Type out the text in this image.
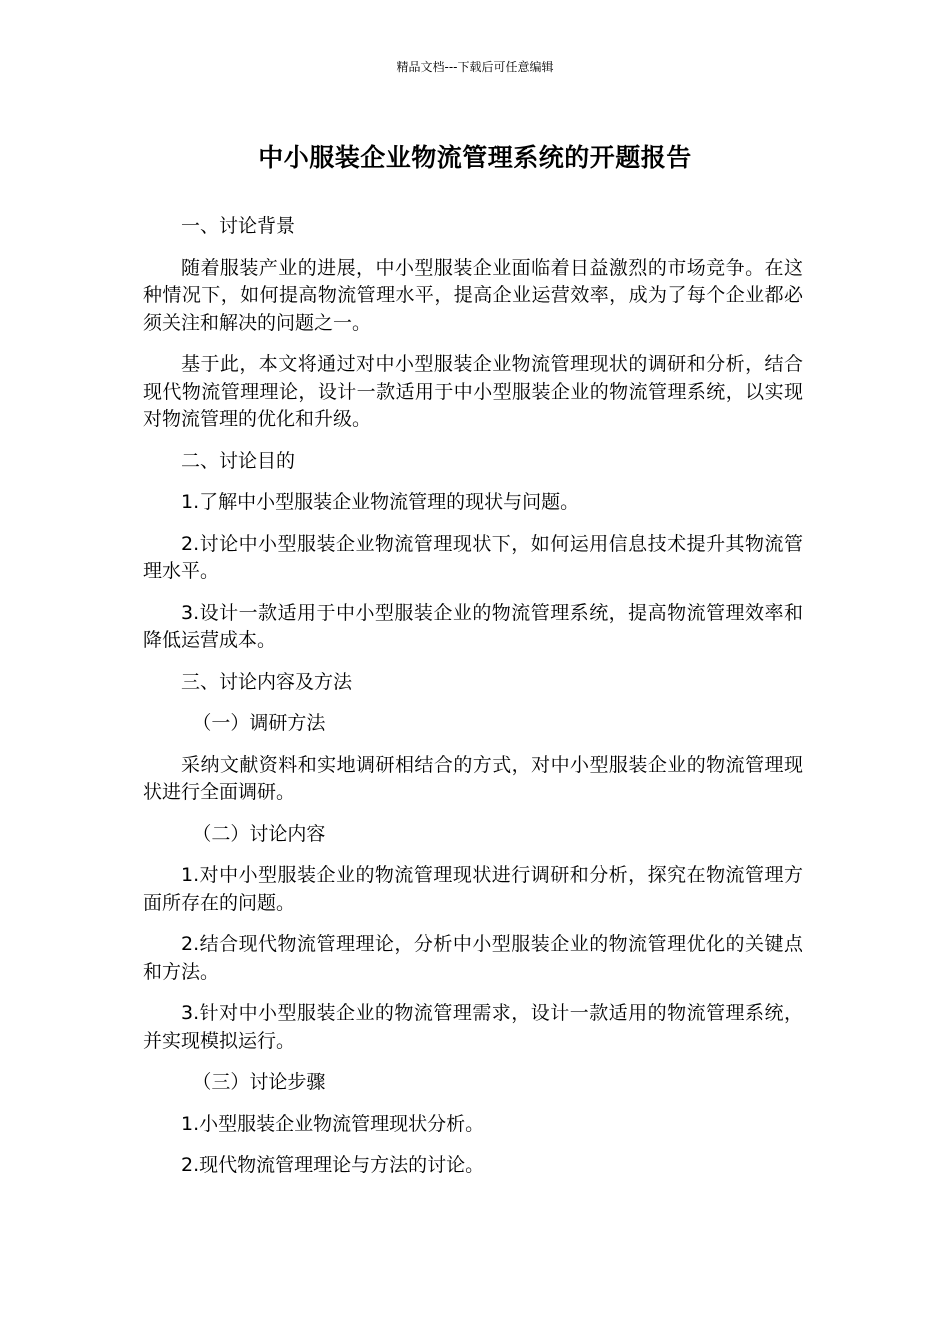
精品文档---下载后可任意编辑
中小服装企业物流管理系统的开题报告

一、讨论背景

随着服装产业的进展，中小型服装企业面临着日益激烈的市场竞争。在这种情况下，如何提高物流管理水平，提高企业运营效率，成为了每个企业都必须关注和解决的问题之一。

基于此，本文将通过对中小型服装企业物流管理现状的调研和分析，结合现代物流管理理论，设计一款适用于中小型服装企业的物流管理系统，以实现对物流管理的优化和升级。

二、讨论目的

1.了解中小型服装企业物流管理的现状与问题。

2.讨论中小型服装企业物流管理现状下，如何运用信息技术提升其物流管理水平。

3.设计一款适用于中小型服装企业的物流管理系统，提高物流管理效率和降低运营成本。

三、讨论内容及方法

（一）调研方法

采纳文献资料和实地调研相结合的方式，对中小型服装企业的物流管理现状进行全面调研。

（二）讨论内容

1.对中小型服装企业的物流管理现状进行调研和分析，探究在物流管理方面所存在的问题。

2.结合现代物流管理理论，分析中小型服装企业的物流管理优化的关键点和方法。

3.针对中小型服装企业的物流管理需求，设计一款适用的物流管理系统，并实现模拟运行。

（三）讨论步骤

1.小型服装企业物流管理现状分析。

2.现代物流管理理论与方法的讨论。
